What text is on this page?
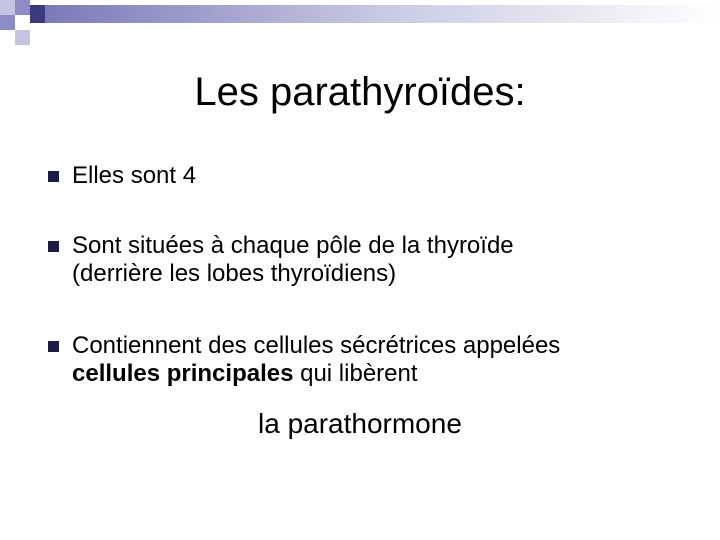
Les parathyroïdes:
Elles sont 4
Sont situées à chaque pôle de la thyroïde
(derrière les lobes thyroïdiens)
Contiennent des cellules sécrétrices appelées
cellules principales qui libèrent
la parathormone
